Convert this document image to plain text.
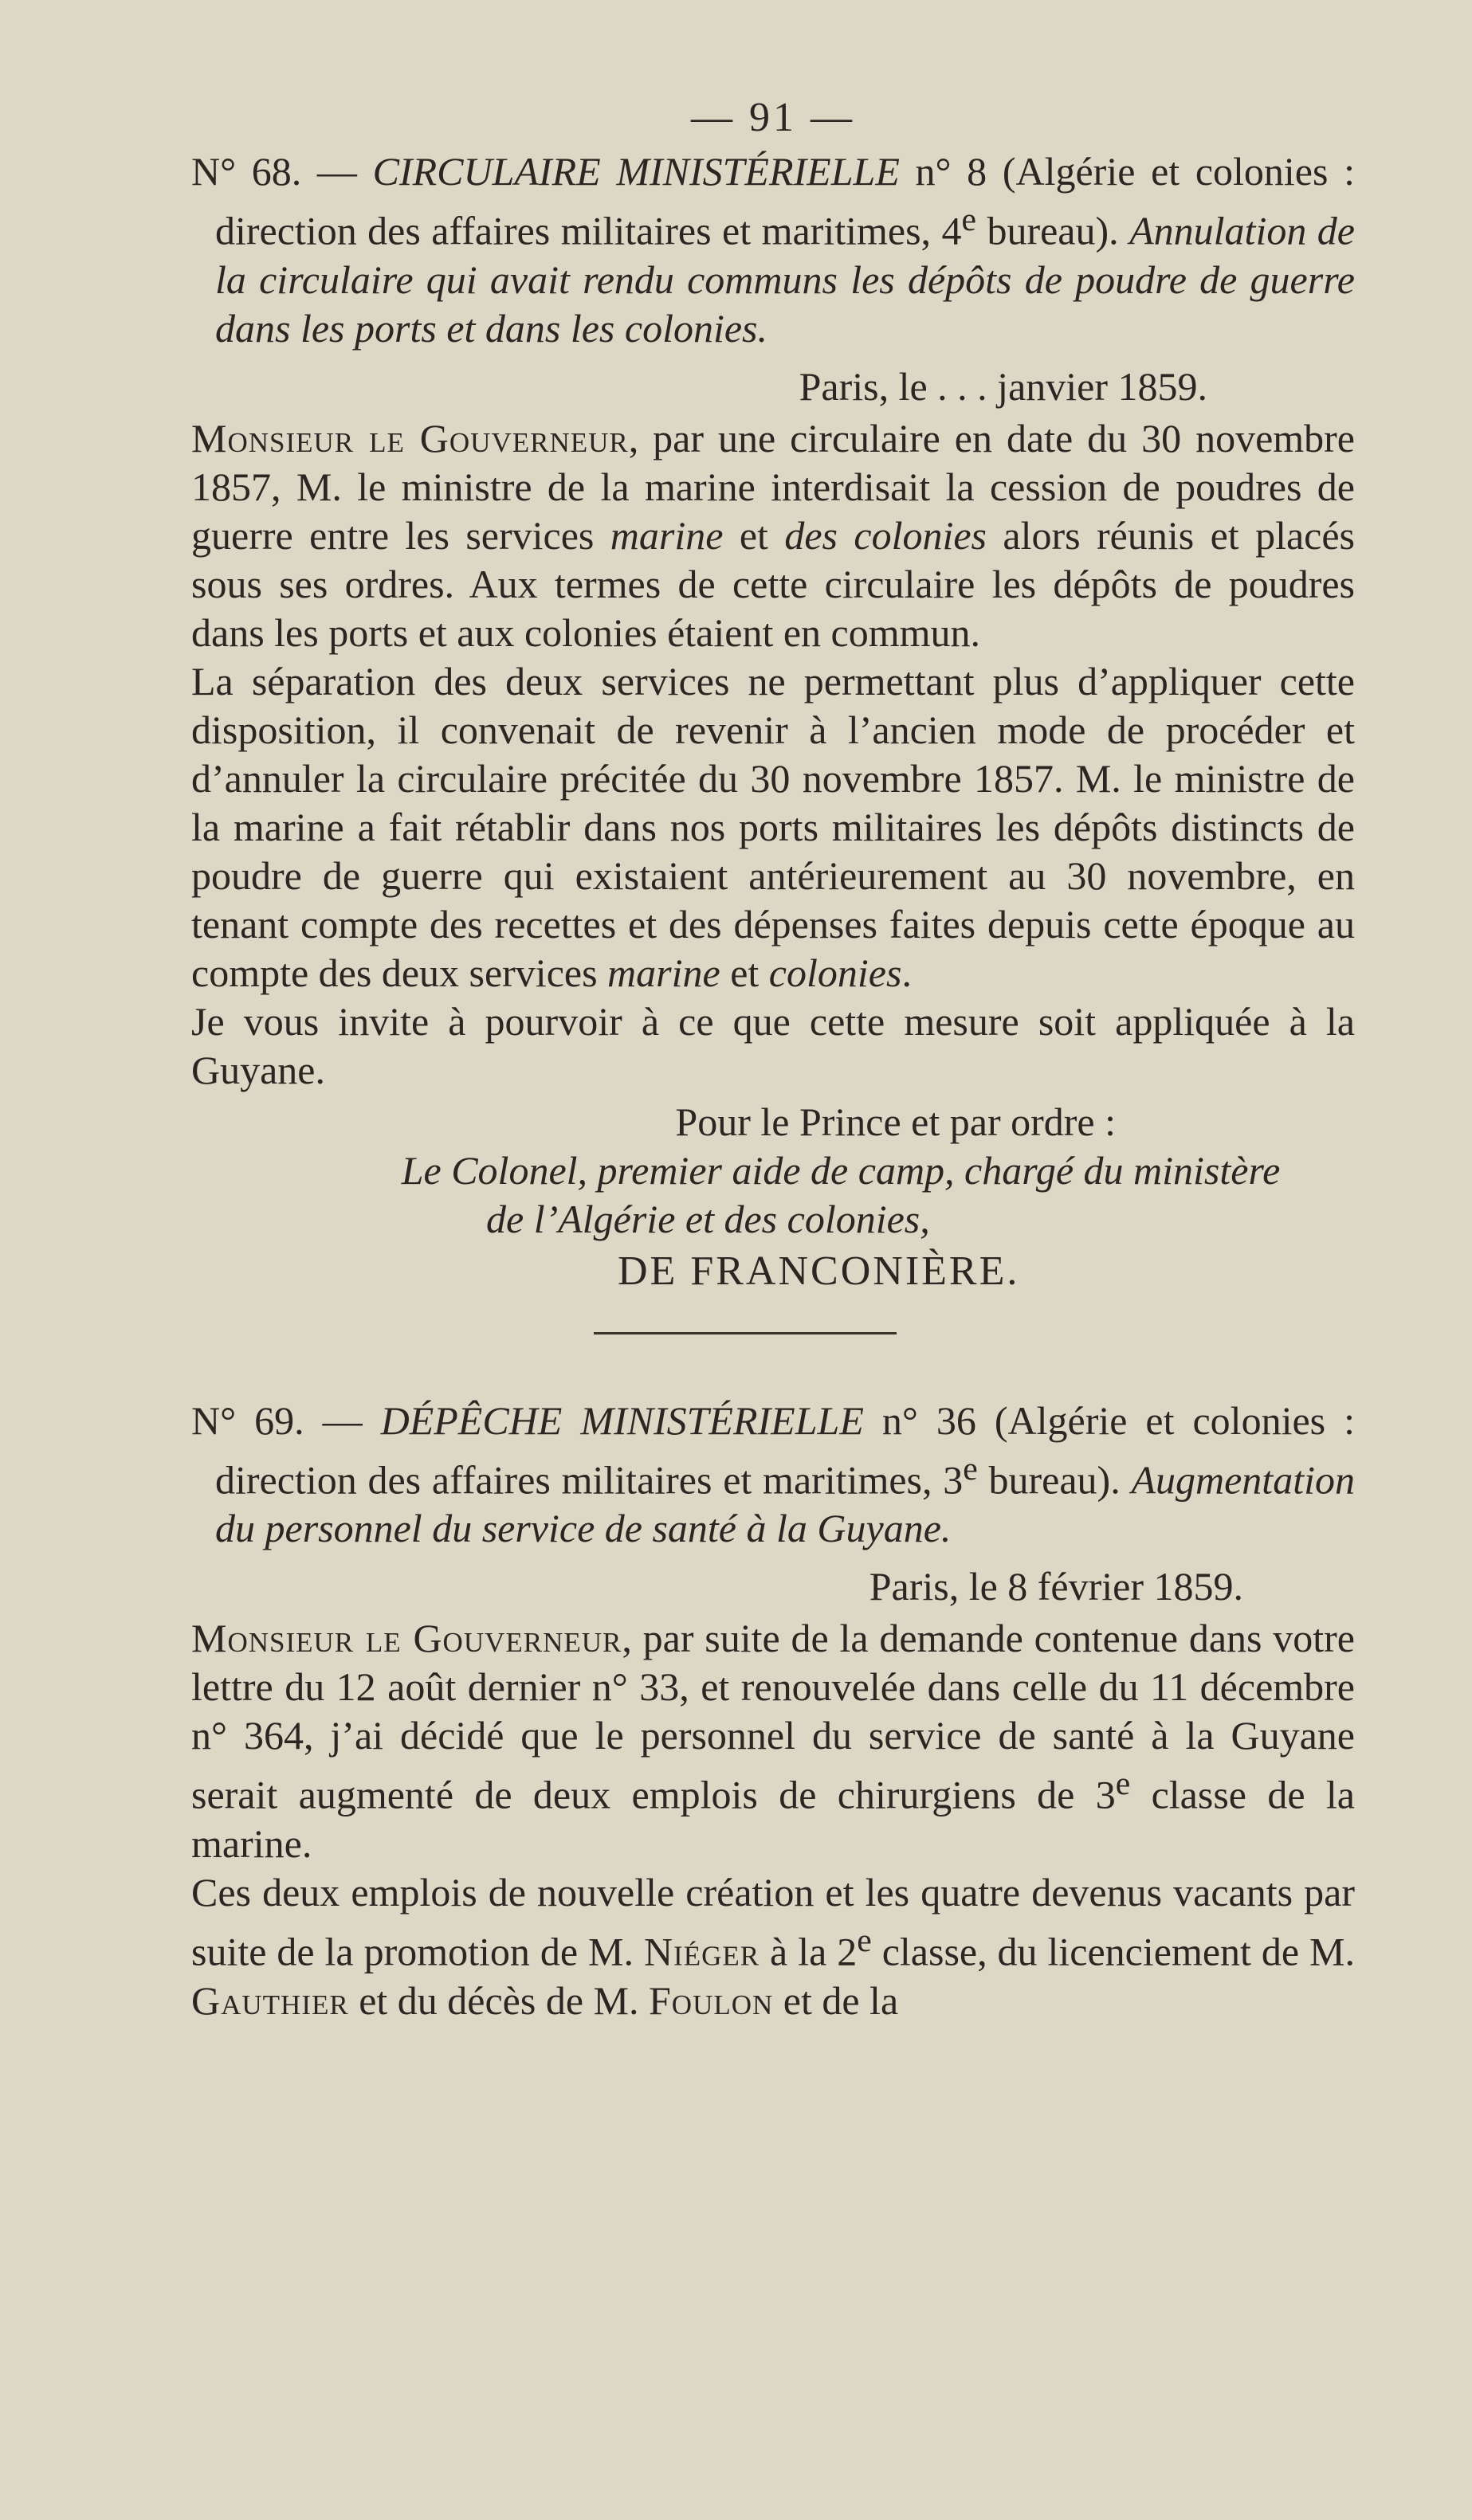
— 91 —

N° 68. — CIRCULAIRE MINISTÉRIELLE n° 8 (Algérie et colonies : direction des affaires militaires et maritimes, 4e bureau). Annulation de la circulaire qui avait rendu communs les dépôts de poudre de guerre dans les ports et dans les colonies.

Paris, le . . . janvier 1859.

Monsieur le Gouverneur, par une circulaire en date du 30 novembre 1857, M. le ministre de la marine interdisait la cession de poudres de guerre entre les services marine et des colonies alors réunis et placés sous ses ordres. Aux termes de cette circulaire les dépôts de poudres dans les ports et aux colonies étaient en commun.

La séparation des deux services ne permettant plus d’appliquer cette disposition, il convenait de revenir à l’ancien mode de procéder et d’annuler la circulaire précitée du 30 novembre 1857. M. le ministre de la marine a fait rétablir dans nos ports militaires les dépôts distincts de poudre de guerre qui existaient antérieurement au 30 novembre, en tenant compte des recettes et des dépenses faites depuis cette époque au compte des deux services marine et colonies.

Je vous invite à pourvoir à ce que cette mesure soit appliquée à la Guyane.

Pour le Prince et par ordre :

Le Colonel, premier aide de camp, chargé du ministère

de l’Algérie et des colonies,

DE FRANCONIÈRE.

N° 69. — DÉPÊCHE MINISTÉRIELLE n° 36 (Algérie et colonies : direction des affaires militaires et maritimes, 3e bureau). Augmentation du personnel du service de santé à la Guyane.

Paris, le 8 février 1859.

Monsieur le Gouverneur, par suite de la demande contenue dans votre lettre du 12 août dernier n° 33, et renouvelée dans celle du 11 décembre n° 364, j’ai décidé que le personnel du service de santé à la Guyane serait augmenté de deux emplois de chirurgiens de 3e classe de la marine.

Ces deux emplois de nouvelle création et les quatre devenus vacants par suite de la promotion de M. Niéger à la 2e classe, du licenciement de M. Gauthier et du décès de M. Foulon et de la
